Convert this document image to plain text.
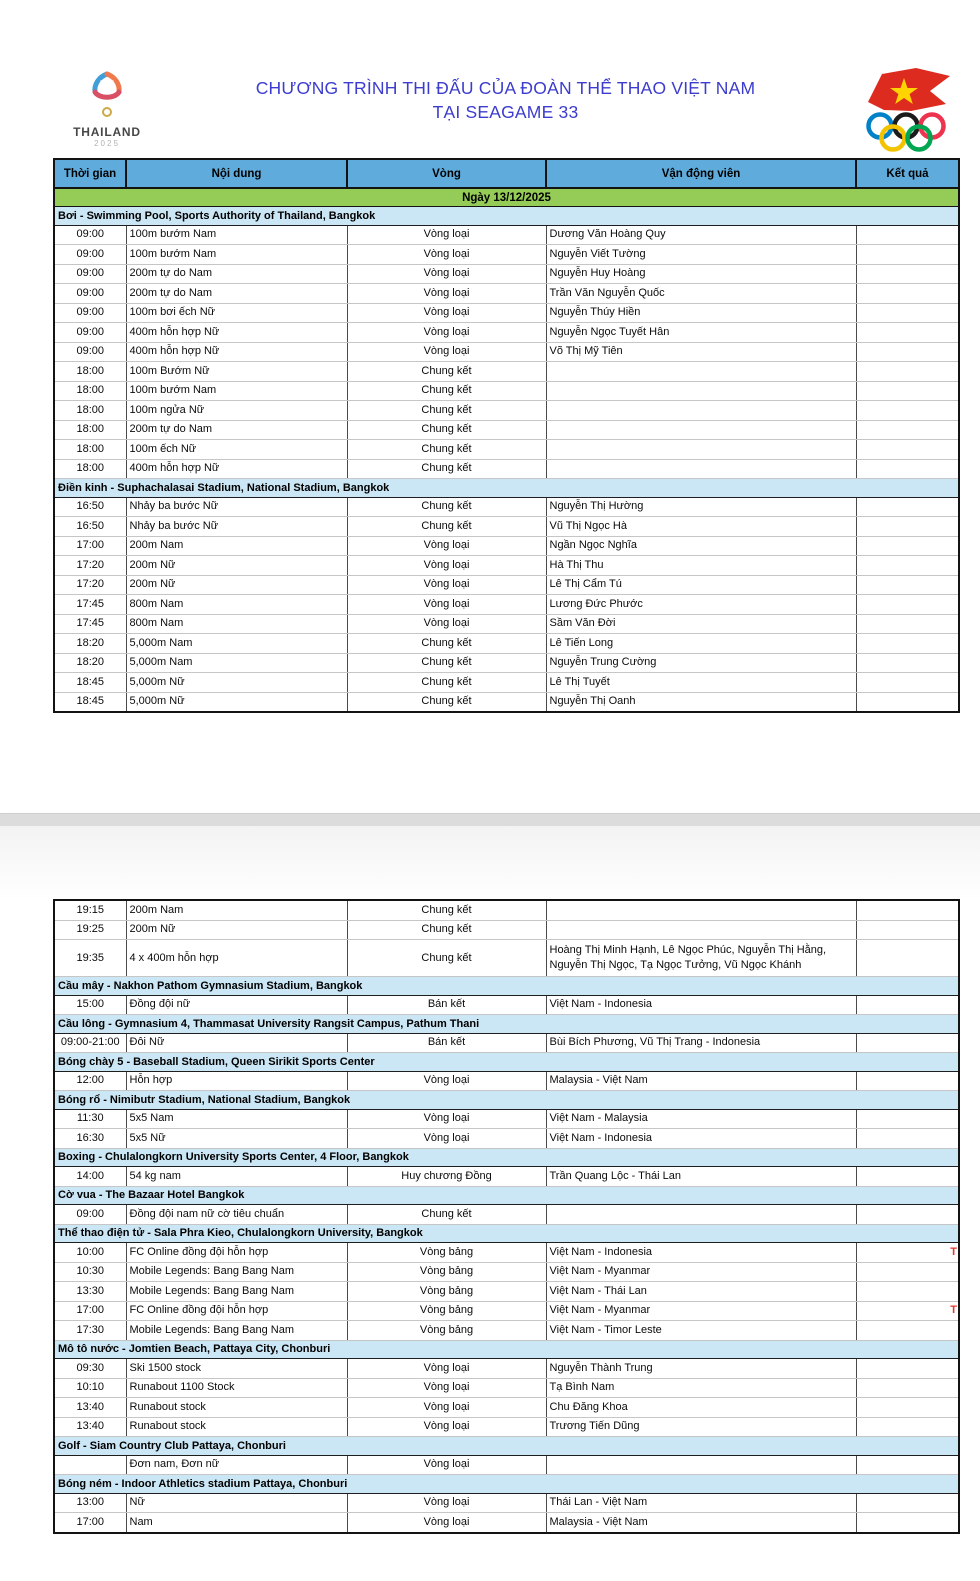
THAILAND
2025
CHƯƠNG TRÌNH THI ĐẤU CỦA ĐOÀN THỂ THAO VIỆT NAM
TẠI SEAGAME 33
Thời gian	Nội dung	Vòng	Vận động viên	Kết quả
Ngày 13/12/2025				
Bơi - Swimming Pool, Sports Authority of Thailand, Bangkok				
09:00	100m bướm Nam	Vòng loại	Dương Văn Hoàng Quy	
09:00	100m bướm Nam	Vòng loại	Nguyễn Viết Tường	
09:00	200m tự do Nam	Vòng loại	Nguyễn Huy Hoàng	
09:00	200m tự do Nam	Vòng loại	Trần Văn Nguyễn Quốc	
09:00	100m bơi ếch Nữ	Vòng loại	Nguyễn Thúy Hiền	
09:00	400m hỗn hợp Nữ	Vòng loại	Nguyễn Ngọc Tuyết Hân	
09:00	400m hỗn hợp Nữ	Vòng loại	Võ Thị Mỹ Tiên	
18:00	100m Bướm Nữ	Chung kết		
18:00	100m bướm Nam	Chung kết		
18:00	100m ngửa Nữ	Chung kết		
18:00	200m tự do Nam	Chung kết		
18:00	100m ếch Nữ	Chung kết		
18:00	400m hỗn hợp Nữ	Chung kết		
Điền kinh - Suphachalasai Stadium, National Stadium, Bangkok				
16:50	Nhảy ba bước Nữ	Chung kết	Nguyễn Thị Hường	
16:50	Nhảy ba bước Nữ	Chung kết	Vũ Thị Ngọc Hà	
17:00	200m Nam	Vòng loại	Ngần Ngọc Nghĩa	
17:20	200m Nữ	Vòng loại	Hà Thị Thu	
17:20	200m Nữ	Vòng loại	Lê Thị Cẩm Tú	
17:45	800m Nam	Vòng loại	Lương Đức Phước	
17:45	800m Nam	Vòng loại	Sầm Văn Đời	
18:20	5,000m Nam	Chung kết	Lê Tiến Long	
18:20	5,000m Nam	Chung kết	Nguyễn Trung Cường	
18:45	5,000m Nữ	Chung kết	Lê Thị Tuyết	
18:45	5,000m Nữ	Chung kết	Nguyễn Thị Oanh	
19:15	200m Nam	Chung kết		
19:25	200m Nữ	Chung kết		
19:35	4 x 400m hỗn hợp	Chung kết	Hoàng Thị Minh Hạnh, Lê Ngọc Phúc, Nguyễn Thị Hằng, Nguyễn Thị Ngọc, Tạ Ngọc Tưởng, Vũ Ngọc Khánh	
Cầu mây - Nakhon Pathom Gymnasium Stadium, Bangkok				
15:00	Đồng đội nữ	Bán kết	Việt Nam - Indonesia	
Cầu lông - Gymnasium 4, Thammasat University Rangsit Campus, Pathum Thani				
09:00-21:00	Đôi Nữ	Bán kết	Bùi Bích Phương, Vũ Thị Trang - Indonesia	
Bóng chày 5 - Baseball Stadium, Queen Sirikit Sports Center				
12:00	Hỗn hợp	Vòng loại	Malaysia - Việt Nam	
Bóng rổ - Nimibutr Stadium, National Stadium, Bangkok				
11:30	5x5 Nam	Vòng loại	Việt Nam - Malaysia	
16:30	5x5 Nữ	Vòng loại	Việt Nam - Indonesia	
Boxing - Chulalongkorn University Sports Center, 4 Floor, Bangkok				
14:00	54 kg nam	Huy chương Đồng	Trần Quang Lộc - Thái Lan	
Cờ vua - The Bazaar Hotel Bangkok				
09:00	Đồng đội nam nữ cờ tiêu chuẩn	Chung kết		
Thể thao điện tử - Sala Phra Kieo, Chulalongkorn University, Bangkok				
10:00	FC Online đồng đội hỗn hợp	Vòng bảng	Việt Nam - Indonesia	T
10:30	Mobile Legends: Bang Bang Nam	Vòng bảng	Việt Nam - Myanmar	
13:30	Mobile Legends: Bang Bang Nam	Vòng bảng	Việt Nam - Thái Lan	
17:00	FC Online đồng đội hỗn hợp	Vòng bảng	Việt Nam - Myanmar	T
17:30	Mobile Legends: Bang Bang Nam	Vòng bảng	Việt Nam - Timor Leste	
Mô tô nước - Jomtien Beach, Pattaya City, Chonburi				
09:30	Ski 1500 stock	Vòng loại	Nguyễn Thành Trung	
10:10	Runabout 1100 Stock	Vòng loại	Tạ Bình Nam	
13:40	Runabout stock	Vòng loại	Chu Đăng Khoa	
13:40	Runabout stock	Vòng loại	Trương Tiến Dũng	
Golf - Siam Country Club Pattaya, Chonburi				
	Đơn nam, Đơn nữ	Vòng loại		
Bóng ném - Indoor Athletics stadium Pattaya, Chonburi				
13:00	Nữ	Vòng loại	Thái Lan - Việt Nam	
17:00	Nam	Vòng loại	Malaysia - Việt Nam	
